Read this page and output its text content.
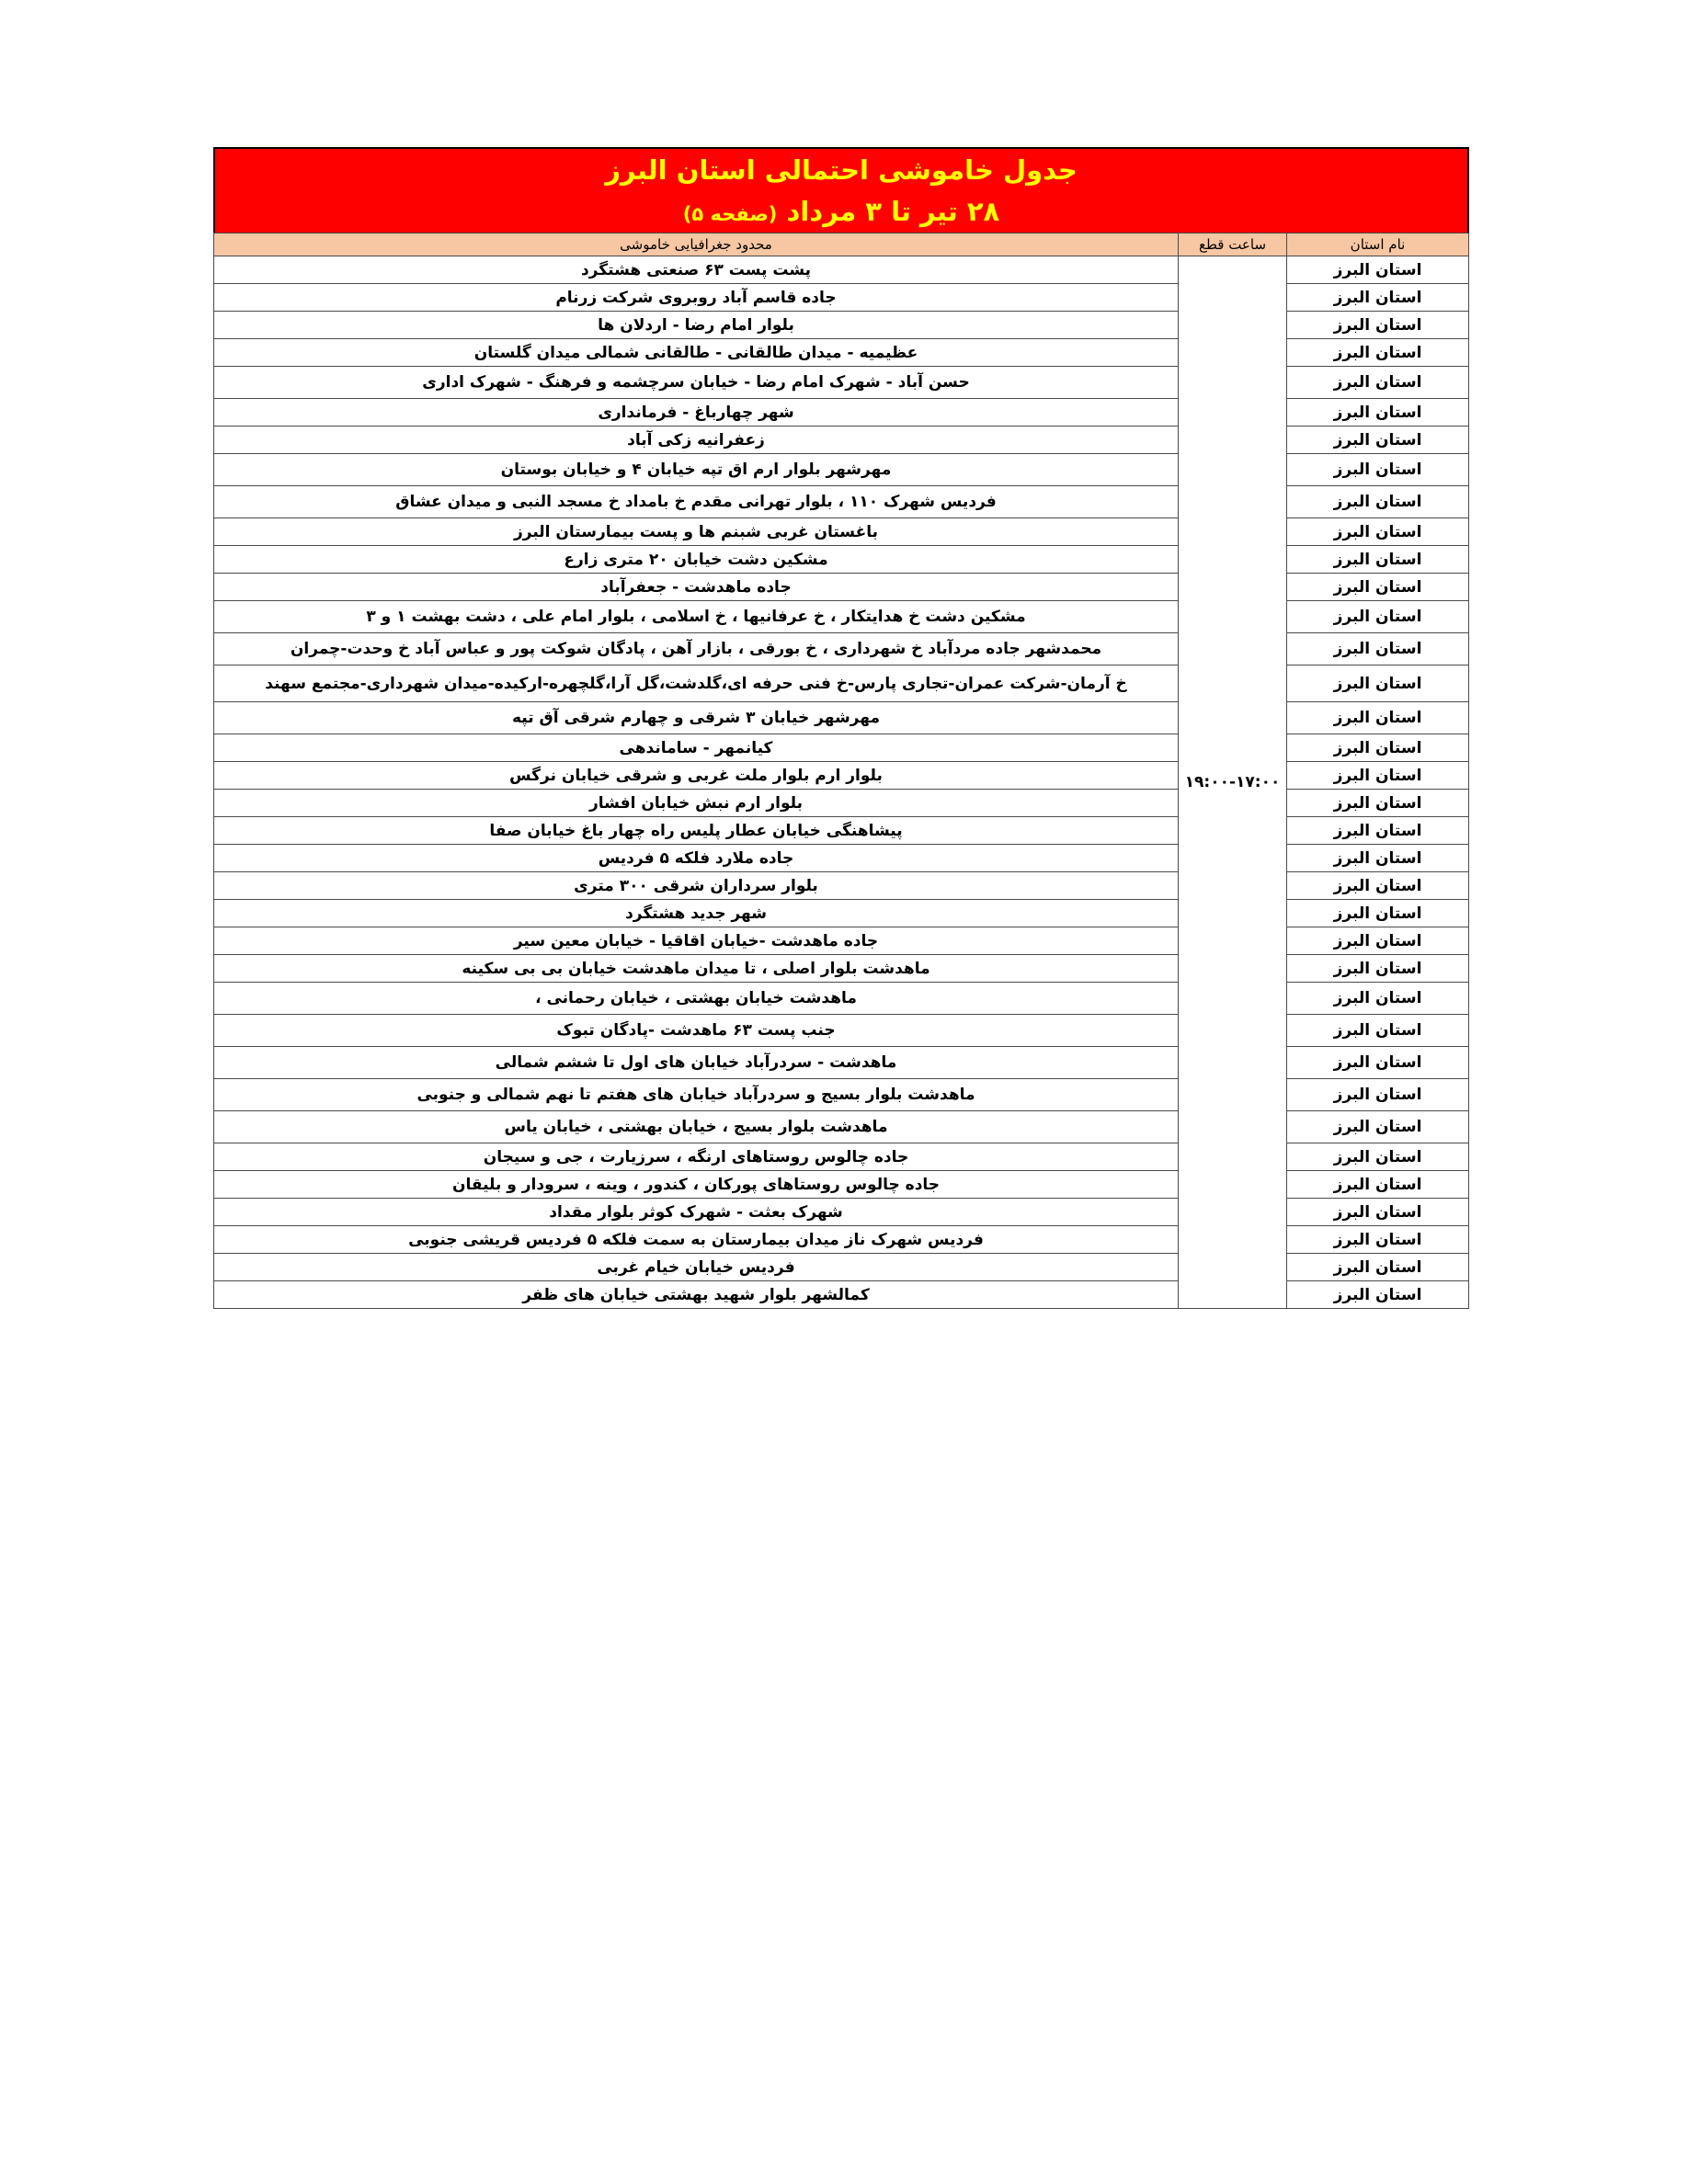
جدول خاموشی احتمالی استان البرز
۲۸ تیر تا ۳ مرداد (صفحه ۵)
نام استان	ساعت قطع	محدود جغرافیایی خاموشی
استان البرز	۱۹:۰۰-۱۷:۰۰	پشت پست ۶۳ صنعتی هشتگرد
استان البرز		جاده قاسم آباد روبروی شرکت زرنام
استان البرز		بلوار امام رضا - اردلان ها
استان البرز		عظیمیه - میدان طالقانی - طالقانی شمالی میدان گلستان
استان البرز		حسن آباد - شهرک امام رضا - خیابان سرچشمه و فرهنگ - شهرک اداری
استان البرز		شهر چهارباغ - فرمانداری
استان البرز		زعفرانیه زکی آباد
استان البرز		مهرشهر بلوار ارم اق تپه خیابان ۴ و خیابان بوستان
استان البرز		فردیس شهرک ۱۱۰ ، بلوار تهرانی مقدم خ بامداد خ مسجد النبی و میدان عشاق
استان البرز		باغستان غربی شبنم ها و پست بیمارستان البرز
استان البرز		مشکین دشت خیابان ۲۰ متری زارع
استان البرز		جاده ماهدشت - جعفرآباد
استان البرز		مشکین دشت خ هدایتکار ، خ عرفانیها ، خ اسلامی ، بلوار امام علی ، دشت بهشت ۱ و ۳
استان البرز		محمدشهر جاده مردآباد خ شهرداری ، خ بورقی ، بازار آهن ، پادگان شوکت پور و عباس آباد خ وحدت-چمران
استان البرز		خ آرمان-شرکت عمران-تجاری پارس-خ فنی حرفه ای،گلدشت،گل آرا،گلچهره-ارکیده-میدان شهرداری-مجتمع سهند
استان البرز		مهرشهر خیابان ۳ شرقی و چهارم شرقی آق تپه
استان البرز		کیانمهر - ساماندهی
استان البرز		بلوار ارم بلوار ملت غربی و شرقی خیابان نرگس
استان البرز		بلوار ارم نبش خیابان افشار
استان البرز		پیشاهنگی خیابان عطار پلیس راه چهار باغ خیابان صفا
استان البرز		جاده ملارد فلکه ۵ فردیس
استان البرز		بلوار سرداران شرقی ۳۰۰ متری
استان البرز		شهر جدید هشتگرد
استان البرز		جاده ماهدشت -خیابان اقاقیا - خیابان معین سیر
استان البرز		ماهدشت بلوار اصلی ، تا میدان ماهدشت خیابان بی بی سکینه
استان البرز		ماهدشت خیابان بهشتی ، خیابان رحمانی ،
استان البرز		جنب پست ۶۳ ماهدشت -پادگان تبوک
استان البرز		ماهدشت - سردرآباد خیابان های اول تا ششم شمالی
استان البرز		ماهدشت بلوار بسیج و سردرآباد خیابان های هفتم تا نهم شمالی و جنوبی
استان البرز		ماهدشت بلوار بسیج ، خیابان بهشتی ، خیابان یاس
استان البرز		جاده چالوس روستاهای ارنگه ، سرزیارت ، جی و سیجان
استان البرز		جاده چالوس روستاهای پورکان ، کندور ، وینه ، سرودار و بلیقان
استان البرز		شهرک بعثت - شهرک کوثر بلوار مقداد
استان البرز		فردیس شهرک ناز میدان بیمارستان به سمت فلکه ۵ فردیس قریشی جنوبی
استان البرز		فردیس خیابان خیام غربی
استان البرز		کمالشهر بلوار شهید بهشتی خیابان های ظفر
